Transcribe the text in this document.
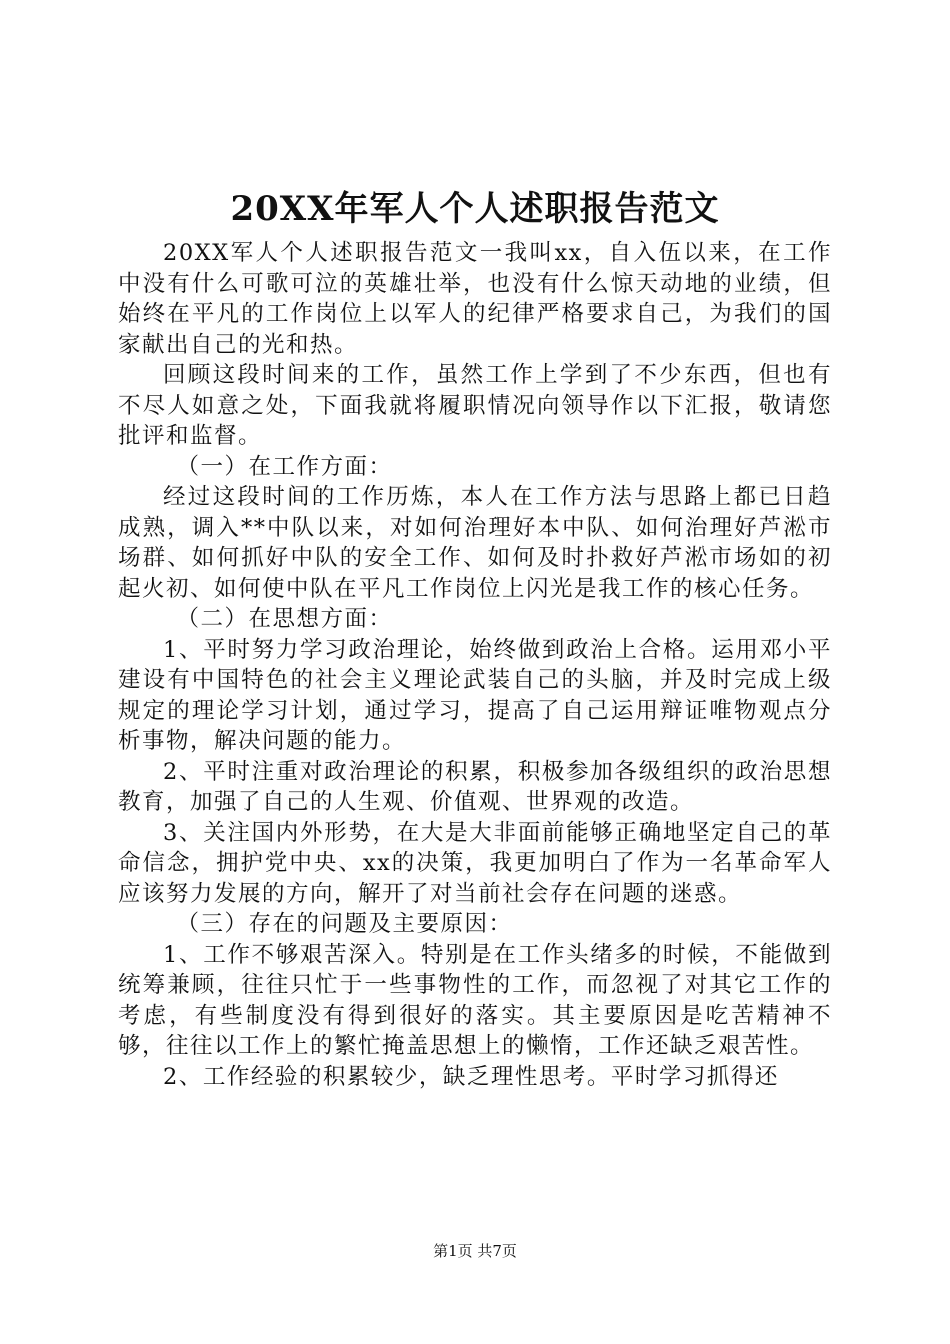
20XX年军人个人述职报告范文

20XX军人个人述职报告范文一我叫xx，自入伍以来，在工作中没有什么可歌可泣的英雄壮举，也没有什么惊天动地的业绩，但始终在平凡的工作岗位上以军人的纪律严格要求自己，为我们的国家献出自己的光和热。

回顾这段时间来的工作，虽然工作上学到了不少东西，但也有不尽人如意之处，下面我就将履职情况向领导作以下汇报，敬请您批评和监督。

（一）在工作方面：

经过这段时间的工作历炼，本人在工作方法与思路上都已日趋成熟，调入**中队以来，对如何治理好本中队、如何治理好芦淞市场群、如何抓好中队的安全工作、如何及时扑救好芦淞市场如的初起火初、如何使中队在平凡工作岗位上闪光是我工作的核心任务。

（二）在思想方面：

1、平时努力学习政治理论，始终做到政治上合格。运用邓小平建设有中国特色的社会主义理论武装自己的头脑，并及时完成上级规定的理论学习计划，通过学习，提高了自己运用辩证唯物观点分析事物，解决问题的能力。

2、平时注重对政治理论的积累，积极参加各级组织的政治思想教育，加强了自己的人生观、价值观、世界观的改造。

3、关注国内外形势，在大是大非面前能够正确地坚定自己的革命信念，拥护党中央、xx的决策，我更加明白了作为一名革命军人应该努力发展的方向，解开了对当前社会存在问题的迷惑。

（三）存在的问题及主要原因：

1、工作不够艰苦深入。特别是在工作头绪多的时候，不能做到统筹兼顾，往往只忙于一些事物性的工作，而忽视了对其它工作的考虑，有些制度没有得到很好的落实。其主要原因是吃苦精神不够，往往以工作上的繁忙掩盖思想上的懒惰，工作还缺乏艰苦性。

2、工作经验的积累较少，缺乏理性思考。平时学习抓得还

第1页 共7页
